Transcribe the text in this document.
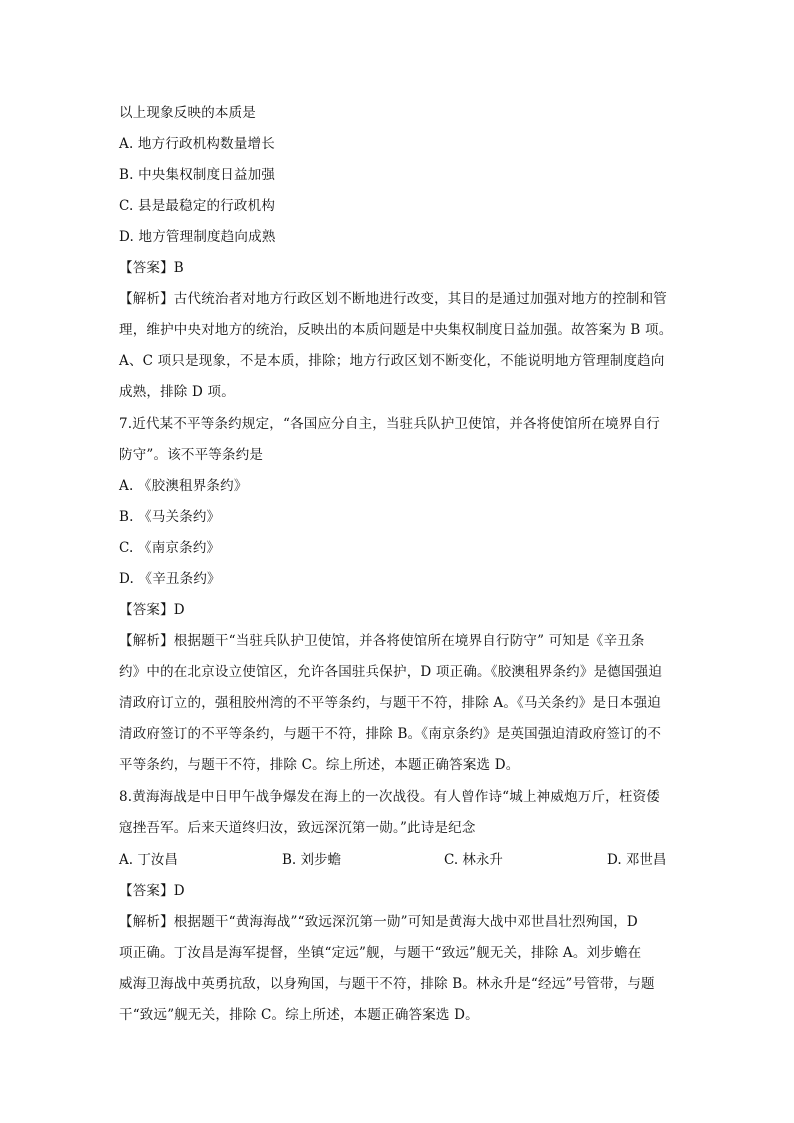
以上现象反映的本质是
A. 地方行政机构数量增长
B. 中央集权制度日益加强
C. 县是最稳定的行政机构
D. 地方管理制度趋向成熟
【答案】B
【解析】古代统治者对地方行政区划不断地进行改变，其目的是通过加强对地方的控制和管
理，维护中央对地方的统治，反映出的本质问题是中央集权制度日益加强。故答案为 B 项。
A、C 项只是现象，不是本质，排除；地方行政区划不断变化，不能说明地方管理制度趋向
成熟，排除 D 项。
7.近代某不平等条约规定，“各国应分自主，当驻兵队护卫使馆，并各将使馆所在境界自行
防守”。该不平等条约是
A. 《胶澳租界条约》
B. 《马关条约》
C. 《南京条约》
D. 《辛丑条约》
【答案】D
【解析】根据题干“当驻兵队护卫使馆，并各将使馆所在境界自行防守” 可知是《辛丑条
约》中的在北京设立使馆区，允许各国驻兵保护，D 项正确。《胶澳租界条约》是德国强迫
清政府订立的，强租胶州湾的不平等条约，与题干不符，排除 A。《马关条约》是日本强迫
清政府签订的不平等条约，与题干不符，排除 B。《南京条约》是英国强迫清政府签订的不
平等条约，与题干不符，排除 C。综上所述，本题正确答案选 D。
8.黄海海战是中日甲午战争爆发在海上的一次战役。有人曾作诗“城上神威炮万斤，枉资倭
寇挫吾军。后来天道终归汝，致远深沉第一勋。”此诗是纪念
A. 丁汝昌	B. 刘步蟾	C. 林永升	D. 邓世昌
【答案】D
【解析】根据题干“黄海海战”“致远深沉第一勋”可知是黄海大战中邓世昌壮烈殉国，D
项正确。丁汝昌是海军提督，坐镇“定远”舰，与题干“致远”舰无关，排除 A。刘步蟾在
威海卫海战中英勇抗敌，以身殉国，与题干不符，排除 B。林永升是“经远”号管带，与题
干“致远”舰无关，排除 C。综上所述，本题正确答案选 D。
